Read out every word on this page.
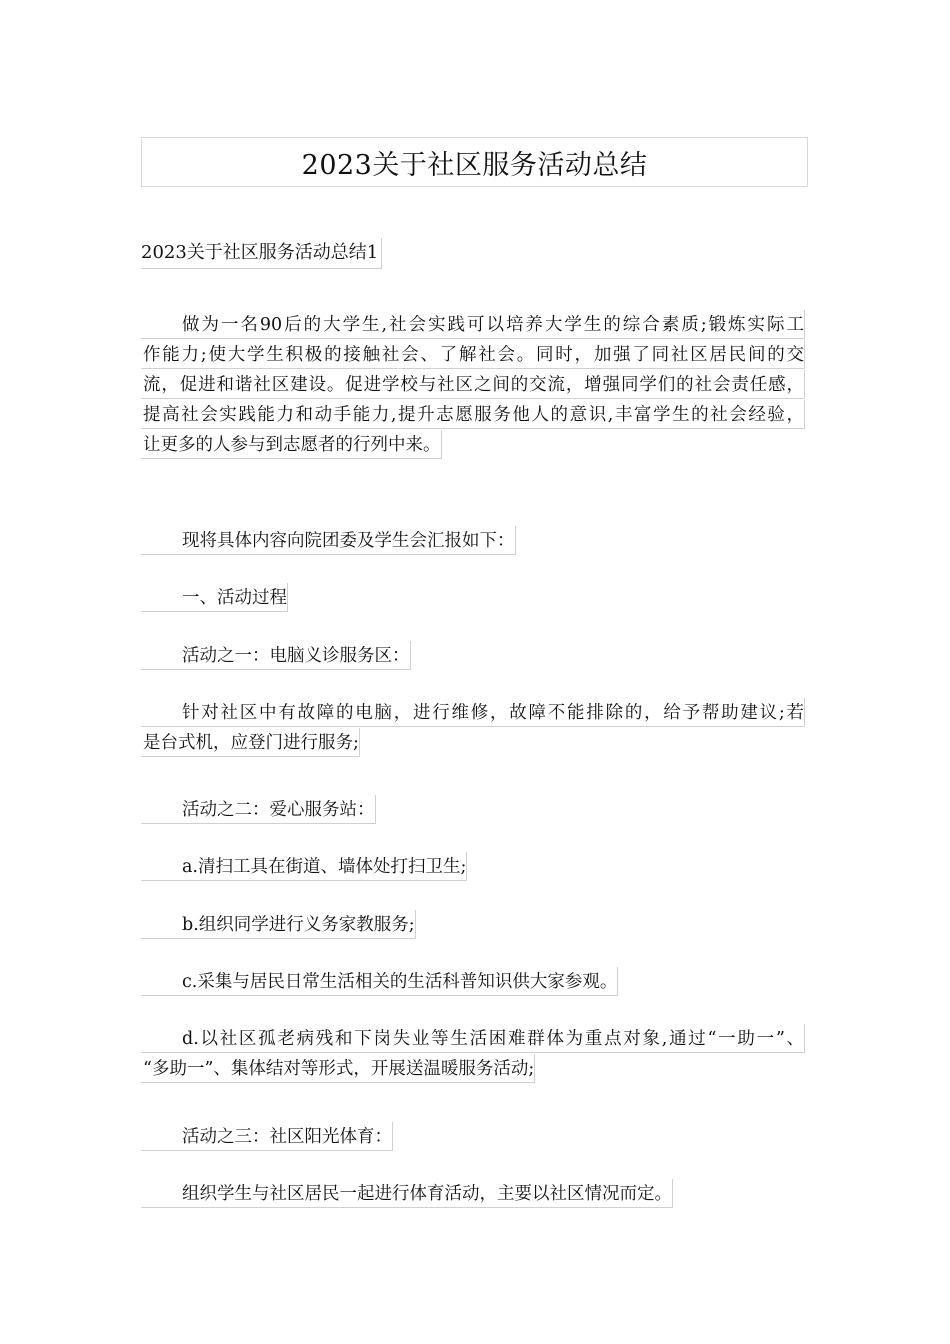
2023关于社区服务活动总结
2023关于社区服务活动总结1
做为一名90后的大学生,社会实践可以培养大学生的综合素质;锻炼实际工
作能力;使大学生积极的接触社会、了解社会。同时，加强了同社区居民间的交
流，促进和谐社区建设。促进学校与社区之间的交流，增强同学们的社会责任感，
提高社会实践能力和动手能力,提升志愿服务他人的意识,丰富学生的社会经验，
让更多的人参与到志愿者的行列中来。
现将具体内容向院团委及学生会汇报如下：
一、活动过程
活动之一：电脑义诊服务区：
针对社区中有故障的电脑，进行维修，故障不能排除的，给予帮助建议;若
是台式机，应登门进行服务;
活动之二：爱心服务站：
a.清扫工具在街道、墙体处打扫卫生;
b.组织同学进行义务家教服务;
c.采集与居民日常生活相关的生活科普知识供大家参观。
d.以社区孤老病残和下岗失业等生活困难群体为重点对象,通过“一助一”、
“多助一”、集体结对等形式，开展送温暖服务活动;
活动之三：社区阳光体育：
组织学生与社区居民一起进行体育活动，主要以社区情况而定。
